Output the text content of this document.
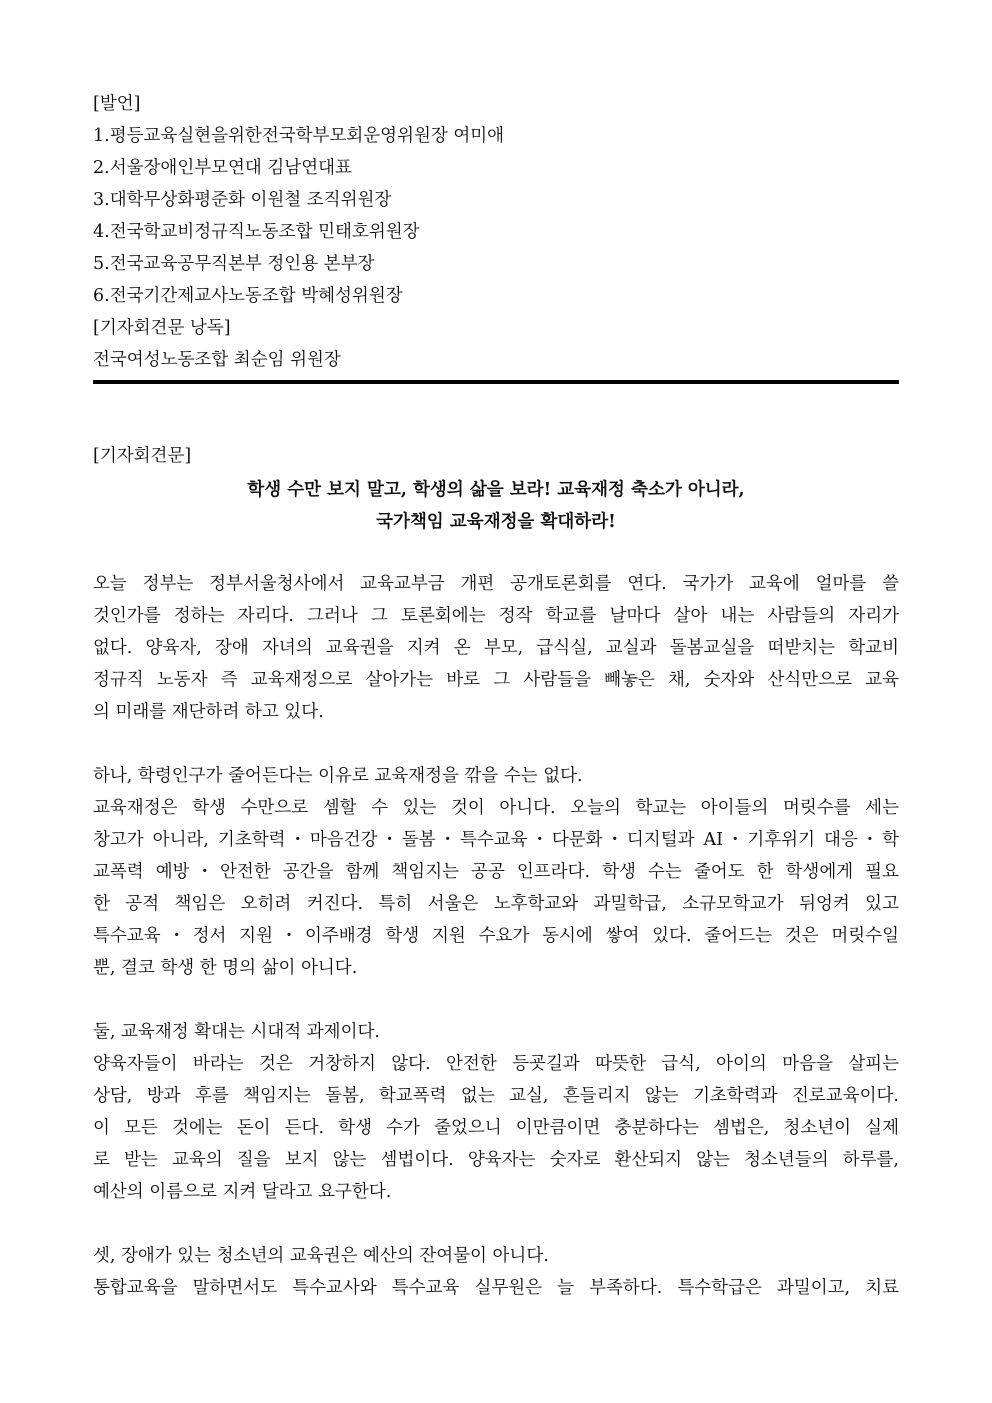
[발언]
1.평등교육실현을위한전국학부모회운영위원장 여미애
2.서울장애인부모연대 김남연대표
3.대학무상화평준화 이원철 조직위원장
4.전국학교비정규직노동조합 민태호위원장
5.전국교육공무직본부 정인용 본부장
6.전국기간제교사노동조합 박혜성위원장
[기자회견문 낭독]
전국여성노동조합 최순임 위원장
[기자회견문]
학생 수만 보지 말고, 학생의 삶을 보라! 교육재정 축소가 아니라,
국가책임 교육재정을 확대하라!
오늘 정부는 정부서울청사에서 교육교부금 개편 공개토론회를 연다. 국가가 교육에 얼마를 쓸
것인가를 정하는 자리다. 그러나 그 토론회에는 정작 학교를 날마다 살아 내는 사람들의 자리가
없다. 양육자, 장애 자녀의 교육권을 지켜 온 부모, 급식실, 교실과 돌봄교실을 떠받치는 학교비
정규직 노동자 즉 교육재정으로 살아가는 바로 그 사람들을 빼놓은 채, 숫자와 산식만으로 교육
의 미래를 재단하려 하고 있다.
하나, 학령인구가 줄어든다는 이유로 교육재정을 깎을 수는 없다.
교육재정은 학생 수만으로 셈할 수 있는 것이 아니다. 오늘의 학교는 아이들의 머릿수를 세는
창고가 아니라, 기초학력・마음건강・돌봄・특수교육・다문화・디지털과 AI・기후위기 대응・학
교폭력 예방・안전한 공간을 함께 책임지는 공공 인프라다. 학생 수는 줄어도 한 학생에게 필요
한 공적 책임은 오히려 커진다. 특히 서울은 노후학교와 과밀학급, 소규모학교가 뒤엉켜 있고
특수교육・정서 지원・이주배경 학생 지원 수요가 동시에 쌓여 있다. 줄어드는 것은 머릿수일
뿐, 결코 학생 한 명의 삶이 아니다.
둘, 교육재정 확대는 시대적 과제이다.
양육자들이 바라는 것은 거창하지 않다. 안전한 등굣길과 따뜻한 급식, 아이의 마음을 살피는
상담, 방과 후를 책임지는 돌봄, 학교폭력 없는 교실, 흔들리지 않는 기초학력과 진로교육이다.
이 모든 것에는 돈이 든다. 학생 수가 줄었으니 이만큼이면 충분하다는 셈법은, 청소년이 실제
로 받는 교육의 질을 보지 않는 셈법이다. 양육자는 숫자로 환산되지 않는 청소년들의 하루를,
예산의 이름으로 지켜 달라고 요구한다.
셋, 장애가 있는 청소년의 교육권은 예산의 잔여물이 아니다.
통합교육을 말하면서도 특수교사와 특수교육 실무원은 늘 부족하다. 특수학급은 과밀이고, 치료
